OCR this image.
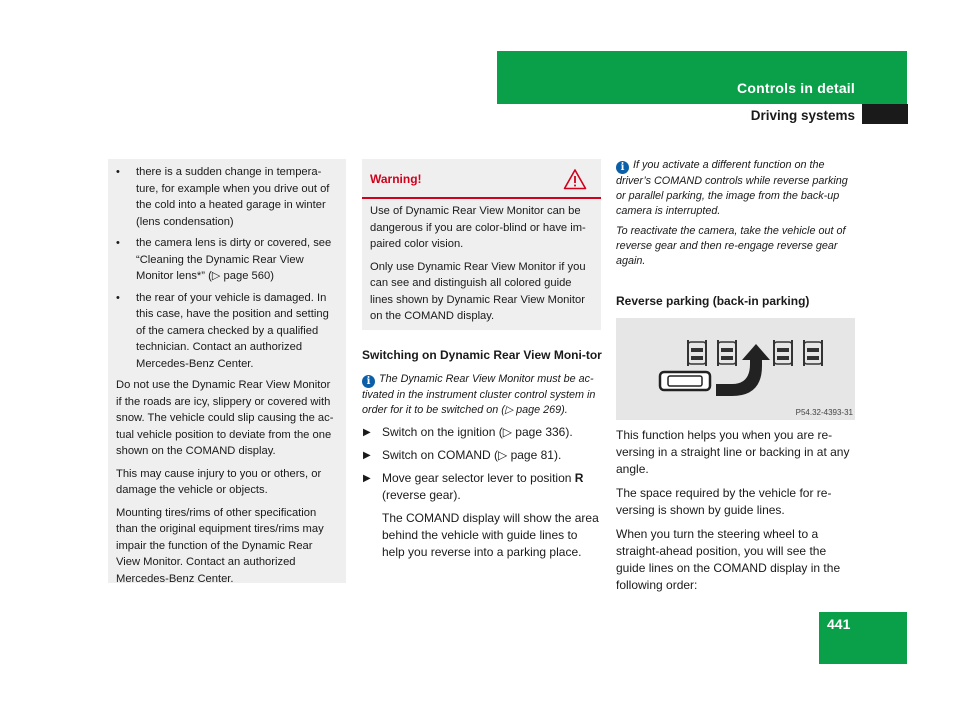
Controls in detail
Driving systems
• there is a sudden change in tempera-ture, for example when you drive out of the cold into a heated garage in winter (lens condensation)
• the camera lens is dirty or covered, see “Cleaning the Dynamic Rear View Monitor lens*” (▷ page 560)
• the rear of your vehicle is damaged. In this case, have the position and setting of the camera checked by a qualified technician. Contact an authorized Mercedes-Benz Center.

Do not use the Dynamic Rear View Monitor if the roads are icy, slippery or covered with snow. The vehicle could slip causing the ac-tual vehicle position to deviate from the one shown on the COMAND display.

This may cause injury to you or others, or damage the vehicle or objects.

Mounting tires/rims of other specification than the original equipment tires/rims may impair the function of the Dynamic Rear View Monitor. Contact an authorized Mercedes-Benz Center.

Warning!

Use of Dynamic Rear View Monitor can be dangerous if you are color-blind or have im-paired color vision.

Only use Dynamic Rear View Monitor if you can see and distinguish all colored guide lines shown by Dynamic Rear View Monitor on the COMAND display.

Switching on Dynamic Rear View Moni-tor
i The Dynamic Rear View Monitor must be ac-tivated in the instrument cluster control system in order for it to be switched on (▷ page 269).
▶ Switch on the ignition (▷ page 336).
▶ Switch on COMAND (▷ page 81).
▶ Move gear selector lever to position R
(reverse gear).
The COMAND display will show the area behind the vehicle with guide lines to help you reverse into a parking place.
i If you activate a different function on the driver’s COMAND controls while reverse parking or parallel parking, the image from the back-up camera is interrupted.
To reactivate the camera, take the vehicle out of reverse gear and then re-engage reverse gear again.
Reverse parking (back-in parking)
P54.32-4393-31
This function helps you when you are re-versing in a straight line or backing in at any angle.
The space required by the vehicle for re-versing is shown by guide lines.
When you turn the steering wheel to a straight-ahead position, you will see the guide lines on the COMAND display in the following order:
441
